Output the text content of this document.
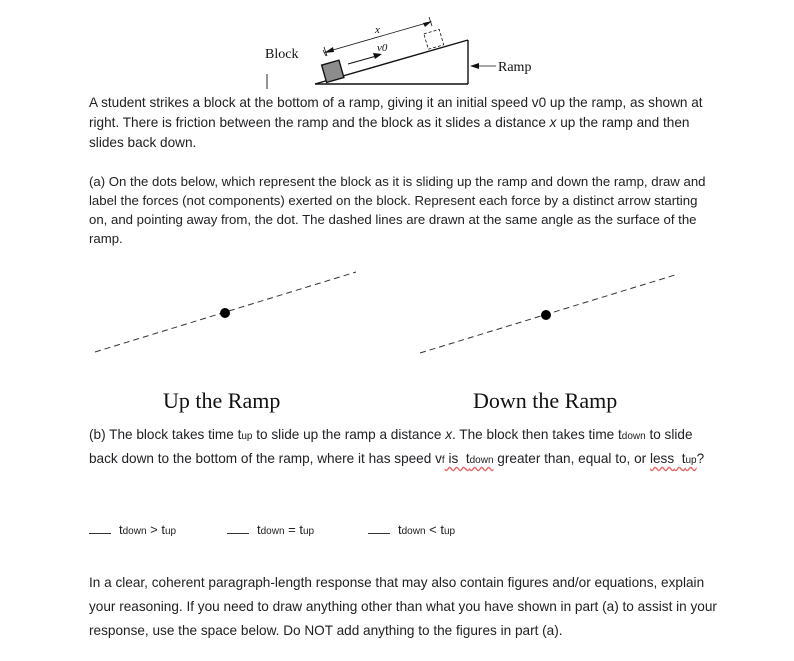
x
v0
Block
Ramp

A student strikes a block at the bottom of a ramp, giving it an initial speed v0 up the ramp, as shown at right. There is friction between the ramp and the block as it slides a distance x up the ramp and then slides back down.

(a) On the dots below, which represent the block as it is sliding up the ramp and down the ramp, draw and label the forces (not components) exerted on the block. Represent each force by a distinct arrow starting on, and pointing away from, the dot. The dashed lines are drawn at the same angle as the surface of the ramp.

Up the Ramp	Down the Ramp

(b) The block takes time tup to slide up the ramp a distance x. The block then takes time tdown to slide back down to the bottom of the ramp, where it has speed vf is tdown greater than, equal to, or less tup?

tdown > tup	tdown = tup	tdown < tup

In a clear, coherent paragraph-length response that may also contain figures and/or equations, explain your reasoning. If you need to draw anything other than what you have shown in part (a) to assist in your response, use the space below. Do NOT add anything to the figures in part (a).
